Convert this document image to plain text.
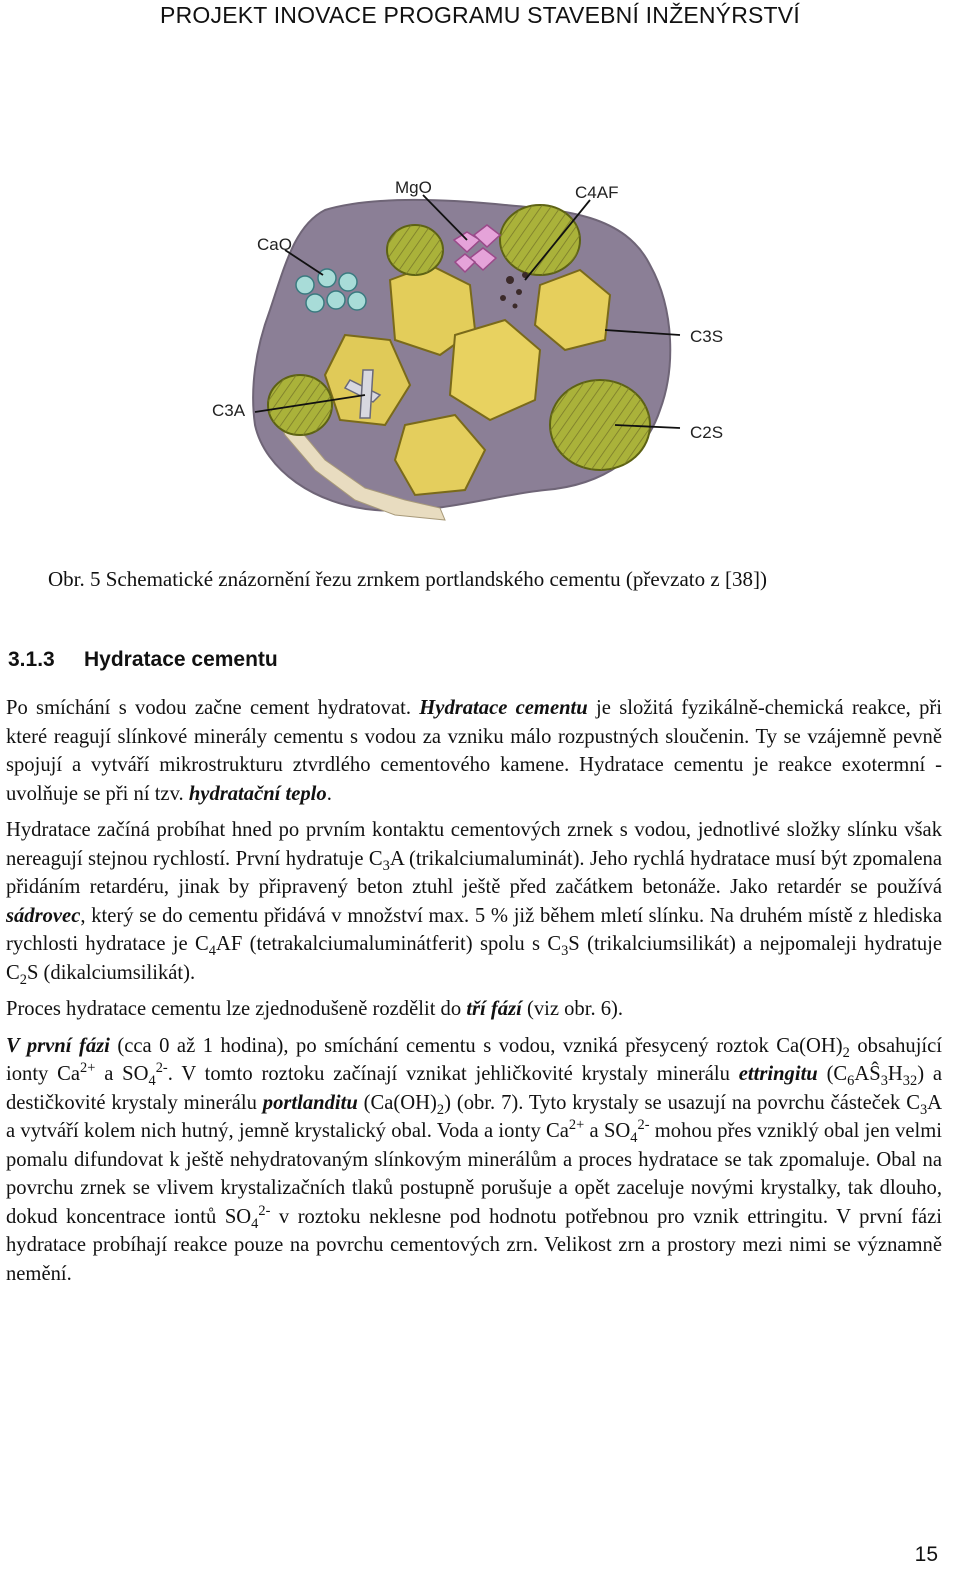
PROJEKT INOVACE PROGRAMU STAVEBNÍ INŽENÝRSTVÍ
MgO	C4AF
CaO
C3S
C3A
C2S
Obr. 5 Schematické znázornění řezu zrnkem portlandského cementu (převzato z [38])
3.1.3 Hydratace cementu

Po smíchání s vodou začne cement hydratovat. Hydratace cementu je složitá fyzikálně-chemická reakce, při které reagují slínkové minerály cementu s vodou za vzniku málo rozpustných sloučenin. Ty se vzájemně pevně spojují a vytváří mikrostrukturu ztvrdlého cementového kamene. Hydratace cementu je reakce exotermní - uvolňuje se při ní tzv. hydratační teplo.

Hydratace začíná probíhat hned po prvním kontaktu cementových zrnek s vodou, jednotlivé složky slínku však nereagují stejnou rychlostí. První hydratuje $C_3A$ (trikalciumaluminát). Jeho rychlá hydratace musí být zpomalena přidáním retardéru, jinak by připravený beton ztuhl ještě před začátkem betonáže. Jako retardér se používá sádrovec, který se do cementu přidává v množství max. 5 % již během mletí slínku. Na druhém místě z hlediska rychlosti hydratace je $C_4AF$ (tetrakalciumaluminátferit) spolu s $C_3S$ (trikalciumsilikát) a nejpomaleji hydratuje $C_2S$ (dikalciumsilikát).

Proces hydratace cementu lze zjednodušeně rozdělit do tří fází (viz obr. 6).

V první fázi (cca 0 až 1 hodina), po smíchání cementu s vodou, vzniká přesycený roztok $Ca(OH)_2$ obsahující ionty $Ca^{2+}$ a $SO_4^{2-}$. V tomto roztoku začínají vznikat jehličkovité krystaly minerálu ettringitu $(C_6AŜ_3H_{32})$ a destičkovité krystaly minerálu portlanditu $(Ca(OH)_2)$ (obr. 7). Tyto krystaly se usazují na povrchu částeček $C_3A$ a vytváří kolem nich hutný, jemně krystalický obal. Voda a ionty $Ca^{2+}$ a $SO_4^{2-}$ mohou přes vzniklý obal jen velmi pomalu difundovat k ještě nehydratovaným slínkovým minerálům a proces hydratace se tak zpomaluje. Obal na povrchu zrnek se vlivem krystalizačních tlaků postupně porušuje a opět zaceluje novými krystalky, tak dlouho, dokud koncentrace iontů $SO_4^{2-}$ v roztoku neklesne pod hodnotu potřebnou pro vznik ettringitu. V první fázi hydratace probíhají reakce pouze na povrchu cementových zrn. Velikost zrn a prostory mezi nimi se významně nemění.

15
